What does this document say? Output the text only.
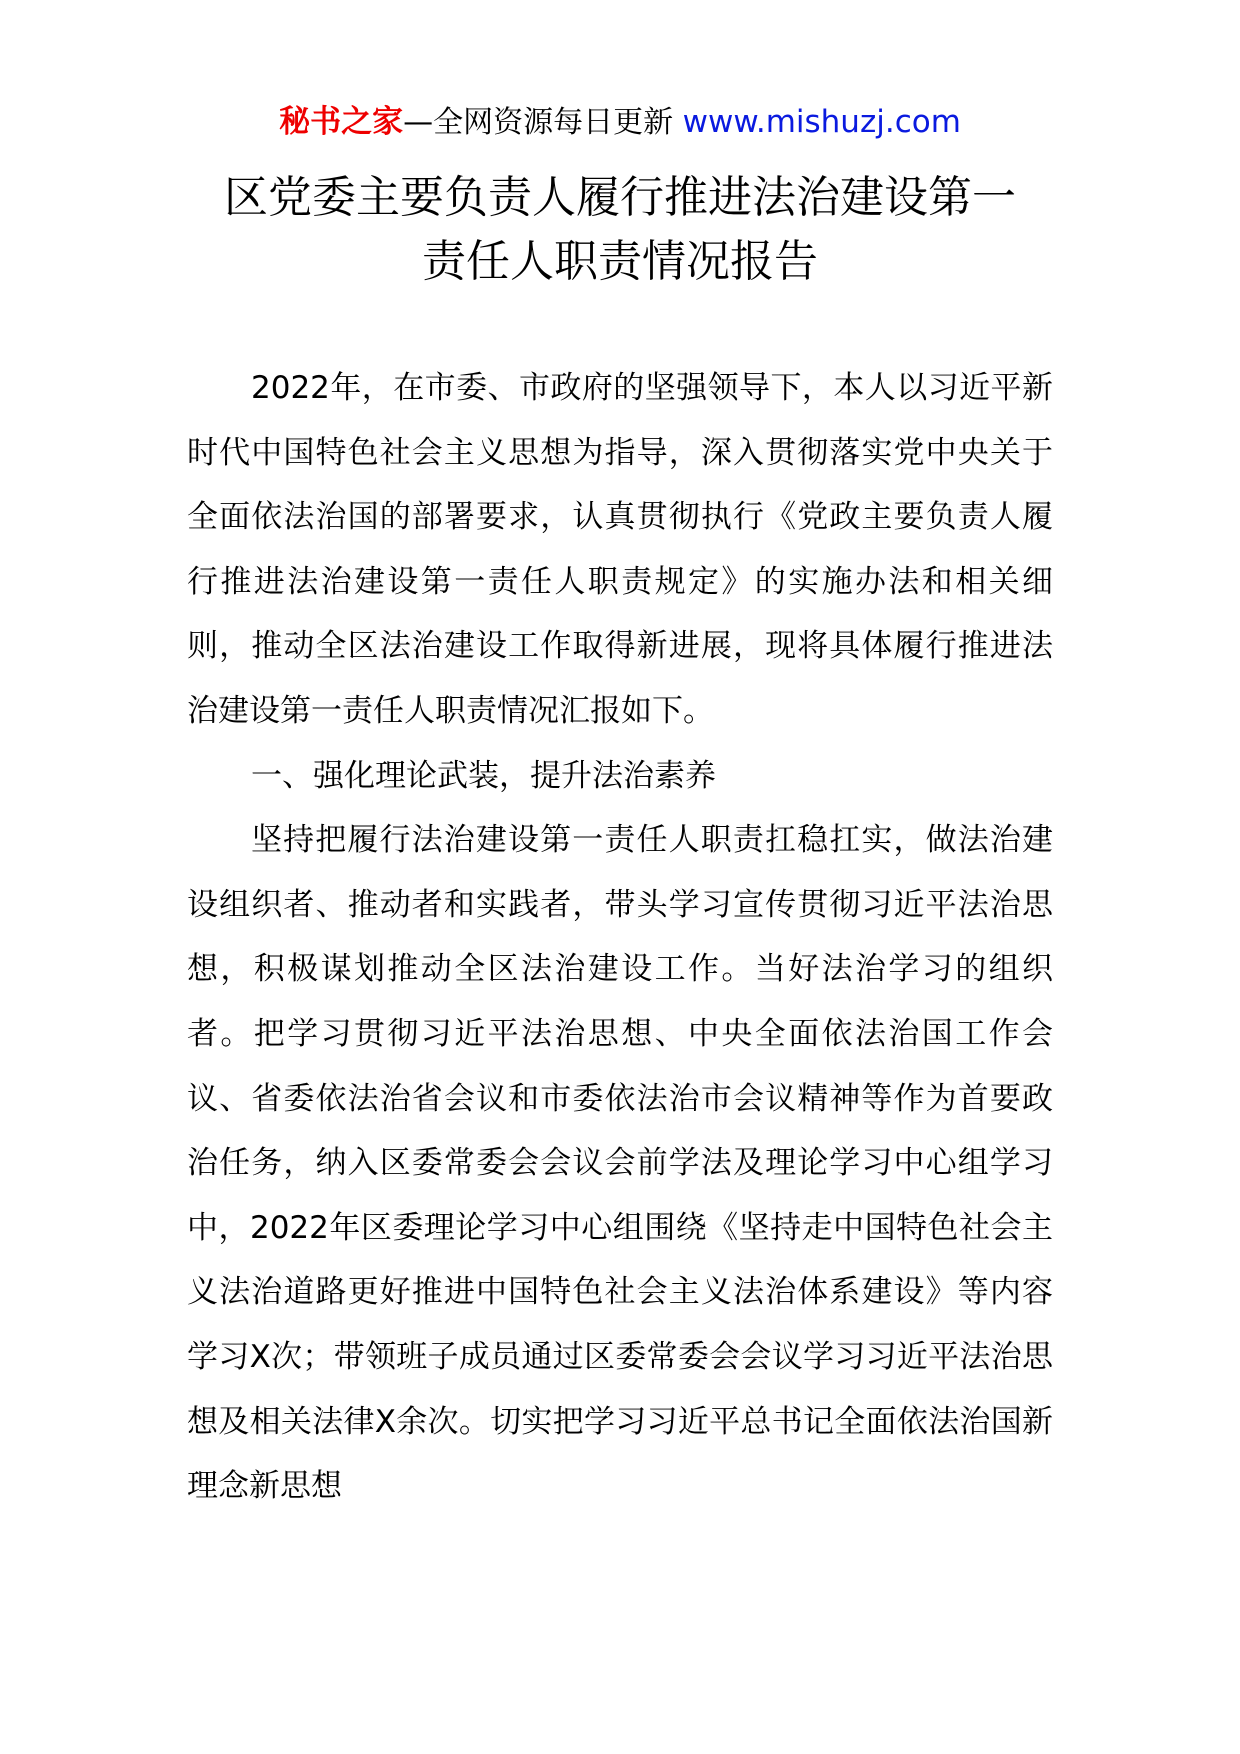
秘书之家—全网资源每日更新 www.mishuzj.com
区党委主要负责人履行推进法治建设第一
责任人职责情况报告

2022年，在市委、市政府的坚强领导下，本人以习近平新时代中国特色社会主义思想为指导，深入贯彻落实党中央关于全面依法治国的部署要求，认真贯彻执行《党政主要负责人履行推进法治建设第一责任人职责规定》的实施办法和相关细则，推动全区法治建设工作取得新进展，现将具体履行推进法治建设第一责任人职责情况汇报如下。

一、强化理论武装，提升法治素养

坚持把履行法治建设第一责任人职责扛稳扛实，做法治建设组织者、推动者和实践者，带头学习宣传贯彻习近平法治思想，积极谋划推动全区法治建设工作。当好法治学习的组织者。把学习贯彻习近平法治思想、中央全面依法治国工作会议、省委依法治省会议和市委依法治市会议精神等作为首要政治任务，纳入区委常委会会议会前学法及理论学习中心组学习中，2022年区委理论学习中心组围绕《坚持走中国特色社会主义法治道路更好推进中国特色社会主义法治体系建设》等内容学习X次；带领班子成员通过区委常委会会议学习习近平法治思想及相关法律X余次。切实把学习习近平总书记全面依法治国新理念新思想
